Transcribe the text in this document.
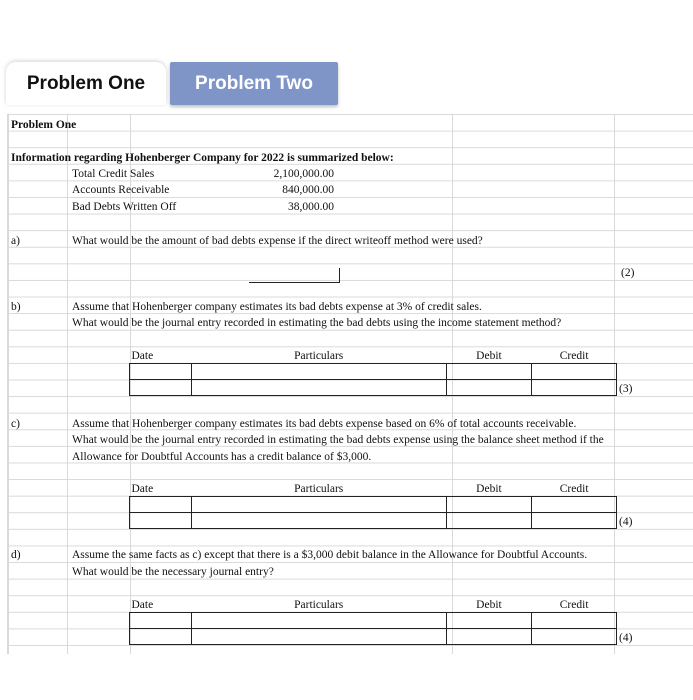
Problem One	Problem Two
Problem One
Information regarding Hohenberger Company for 2022 is summarized below:
Total Credit Sales	2,100,000.00
Accounts Receivable	840,000.00
Bad Debts Written Off	38,000.00
a)	What would be the amount of bad debts expense if the direct writeoff method were used?
(2)
b)	Assume that Hohenberger company estimates its bad debts expense at 3% of credit sales.
What would be the journal entry recorded in estimating the bad debts using the income statement method?
Date	Particulars	Debit	Credit

(3)
c)	Assume that Hohenberger company estimates its bad debts expense based on 6% of total accounts receivable.
What would be the journal entry recorded in estimating the bad debts expense using the balance sheet method if the
Allowance for Doubtful Accounts has a credit balance of $3,000.
Date	Particulars	Debit	Credit

(4)
d)	Assume the same facts as c) except that there is a $3,000 debit balance in the Allowance for Doubtful Accounts.
What would be the necessary journal entry?
Date	Particulars	Debit	Credit

(4)
